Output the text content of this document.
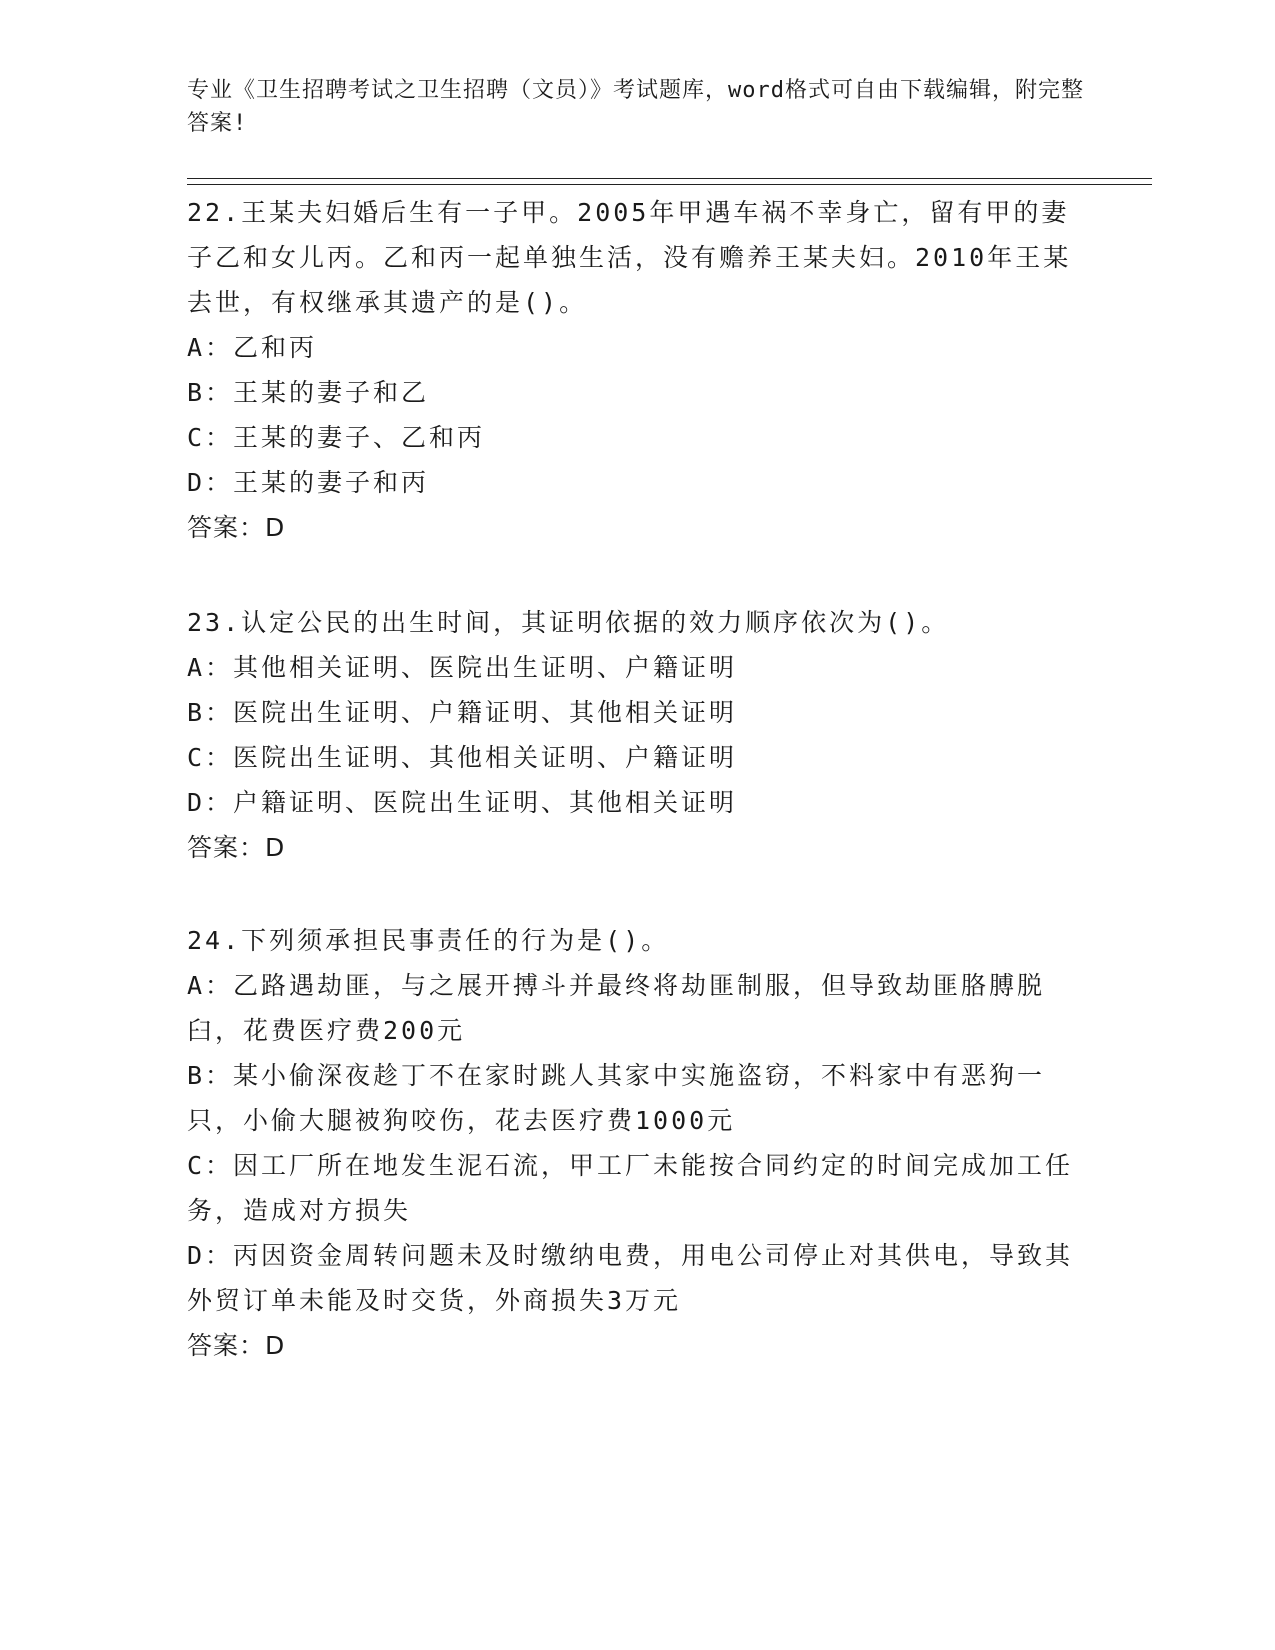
专业《卫生招聘考试之卫生招聘（文员）》考试题库，word格式可自由下载编辑，附完整答案!

22.王某夫妇婚后生有一子甲。2005年甲遇车祸不幸身亡，留有甲的妻子乙和女儿丙。乙和丙一起单独生活，没有赡养王某夫妇。2010年王某去世，有权继承其遗产的是()。

A：乙和丙

B：王某的妻子和乙

C：王某的妻子、乙和丙

D：王某的妻子和丙

答案：D

23.认定公民的出生时间，其证明依据的效力顺序依次为()。

A：其他相关证明、医院出生证明、户籍证明

B：医院出生证明、户籍证明、其他相关证明

C：医院出生证明、其他相关证明、户籍证明

D：户籍证明、医院出生证明、其他相关证明

答案：D

24.下列须承担民事责任的行为是()。

A：乙路遇劫匪，与之展开搏斗并最终将劫匪制服，但导致劫匪胳膊脱臼，花费医疗费200元

B：某小偷深夜趁丁不在家时跳人其家中实施盗窃，不料家中有恶狗一只，小偷大腿被狗咬伤，花去医疗费1000元

C：因工厂所在地发生泥石流，甲工厂未能按合同约定的时间完成加工任务，造成对方损失

D：丙因资金周转问题未及时缴纳电费，用电公司停止对其供电，导致其外贸订单未能及时交货，外商损失3万元

答案：D
